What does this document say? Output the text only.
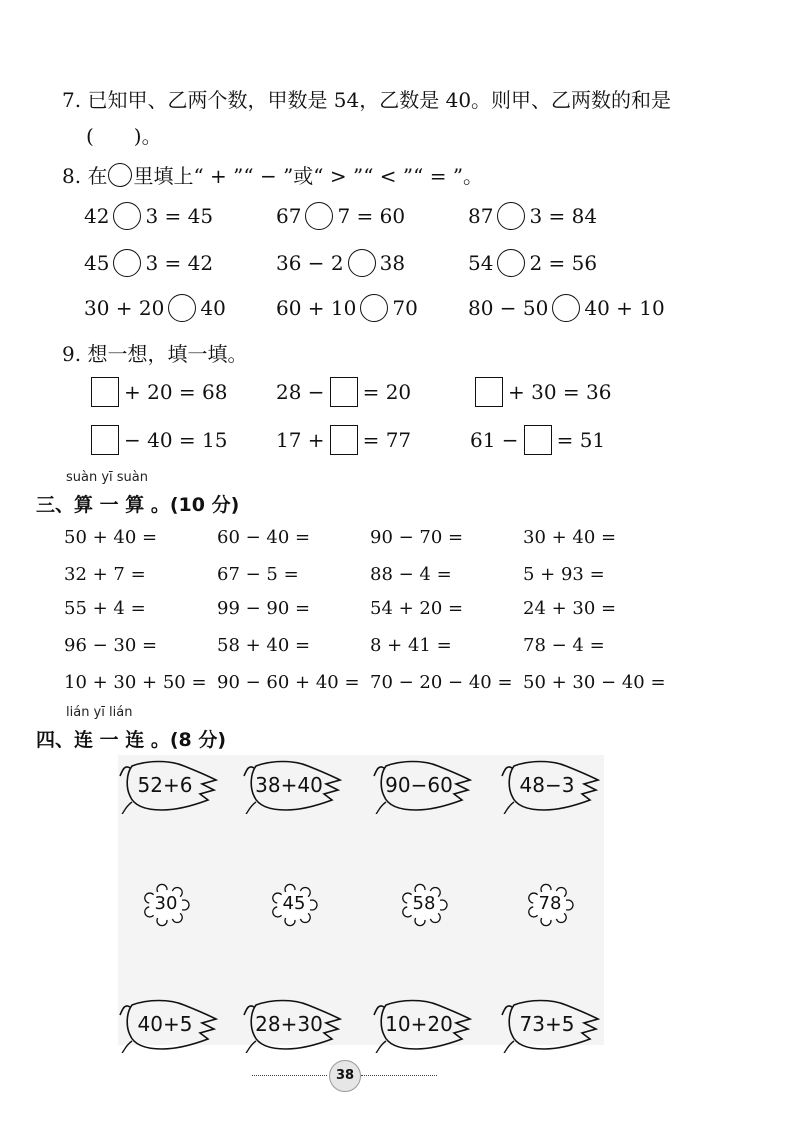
7. 已知甲、乙两个数，甲数是 54，乙数是 40。则甲、乙两数的和是
(　　)。
8. 在 里填上“ + ”“ − ”或“ > ”“ < ”“ = ”。
42 3 = 45	67 7 = 60	87 3 = 84
45 3 = 42	36 − 2 38	54 2 = 56
30 + 20 40	60 + 10 70	80 − 50 40 + 10
9. 想一想，填一填。
+ 20 = 68 28 − = 20	+ 30 = 36
− 40 = 15 17 + = 77	61 − = 51
suàn yī suàn
三、算 一 算 。(10 分)
50 + 40 =	60 − 40 =	90 − 70 =	30 + 40 =
32 + 7 =	67 − 5 =	88 − 4 =	5 + 93 =
55 + 4 =	99 − 90 =	54 + 20 =	24 + 30 =
96 − 30 =	58 + 40 =	8 + 41 =	78 − 4 =
10 + 30 + 50 = 90 − 60 + 40 = 70 − 20 − 40 = 50 + 30 − 40 =
lián yī lián
四、连 一 连 。(8 分)
52+6	38+40	90−60	48−3
30	45	58	78
40+5	28+30	10+20	73+5
38
